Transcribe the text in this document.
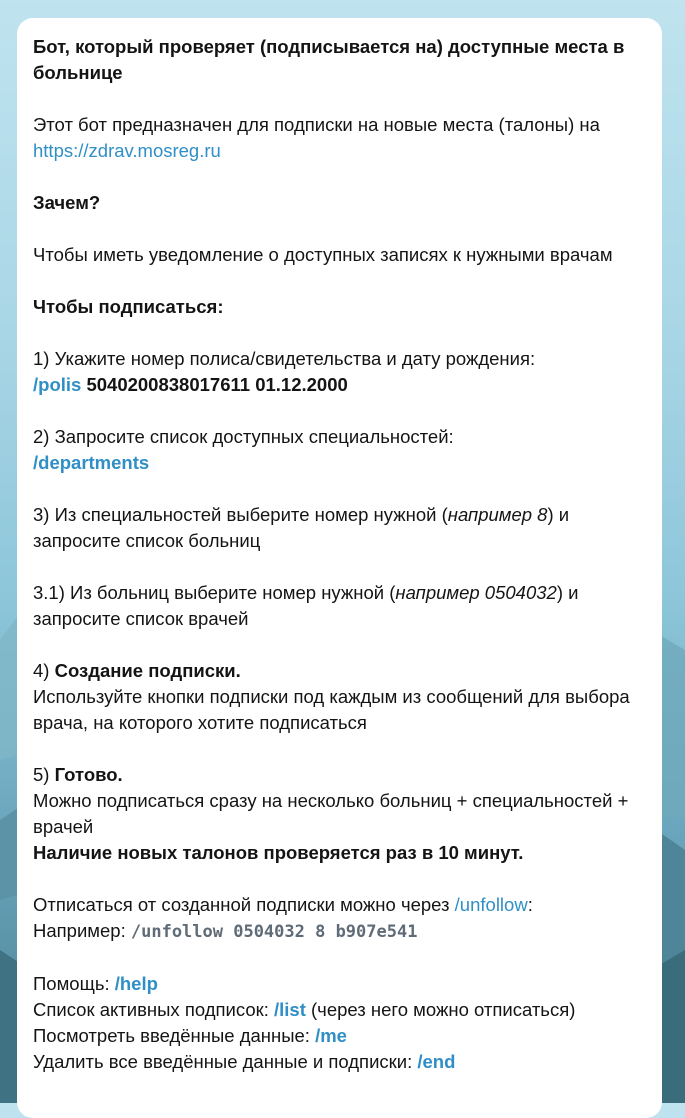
Бот, который проверяет (подписывается на) доступные места в больнице

Этот бот предназначен для подписки на новые места (талоны) на https://zdrav.mosreg.ru

Зачем?

Чтобы иметь уведомление о доступных записях к нужными врачам

Чтобы подписаться:

1) Укажите номер полиса/свидетельства и дату рождения:
/polis 5040200838017611 01.12.2000

2) Запросите список доступных специальностей:
/departments

3) Из специальностей выберите номер нужной (например 8) и запросите список больниц

3.1) Из больниц выберите номер нужной (например 0504032) и запросите список врачей

4) Создание подписки.
Используйте кнопки подписки под каждым из сообщений для выбора врача, на которого хотите подписаться

5) Готово.
Можно подписаться сразу на несколько больниц + специальностей + врачей
Наличие новых талонов проверяется раз в 10 минут.

Отписаться от созданной подписки можно через /unfollow:
Например: /unfollow 0504032 8 b907e541

Помощь: /help
Список активных подписок: /list (через него можно отписаться)
Посмотреть введённые данные: /me
Удалить все введённые данные и подписки: /end
